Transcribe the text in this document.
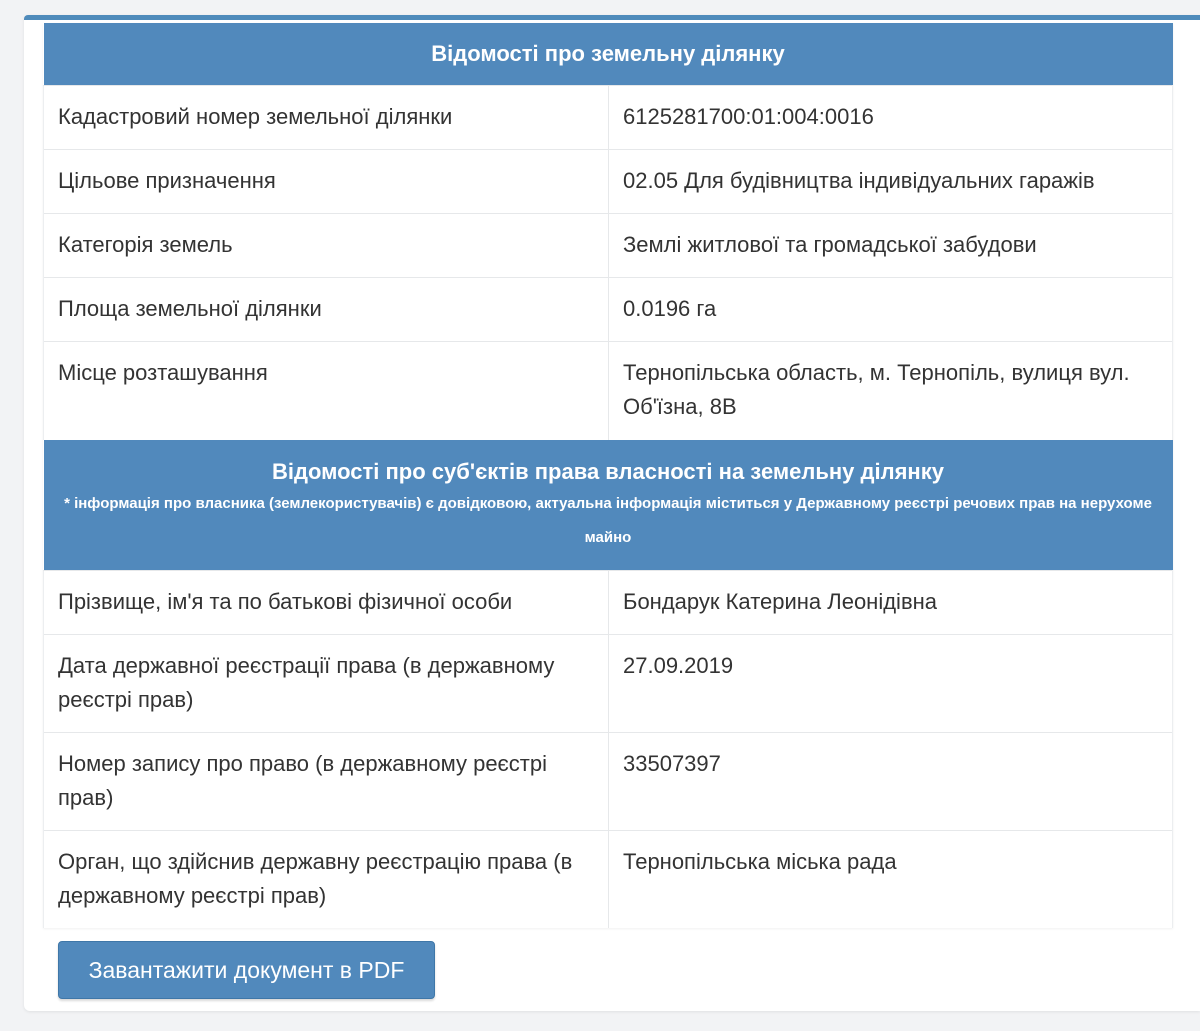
Відомості про земельну ділянку	
Кадастровий номер земельної ділянки	6125281700:01:004:0016
Цільове призначення	02.05 Для будівництва індивідуальних гаражів
Категорія земель	Землі житлової та громадської забудови
Площа земельної ділянки	0.0196 га
Місце розташування	Тернопільська область, м. Тернопіль, вулиця вул. Об'їзна, 8В

Відомості про суб'єктів права власності на земельну ділянку
* інформація про власника (землекористувачів) є довідковою, актуальна інформація міститься у Державному реєстрі речових прав на нерухоме майно	

Прізвище, ім'я та по батькові фізичної особи	Бондарук Катерина Леонідівна
Дата державної реєстрації права (в державному реєстрі прав)	27.09.2019
Номер запису про право (в державному реєстрі прав)	33507397
Орган, що здійснив державну реєстрацію права (в державному реєстрі прав)	Тернопільська міська рада
Завантажити документ в PDF
